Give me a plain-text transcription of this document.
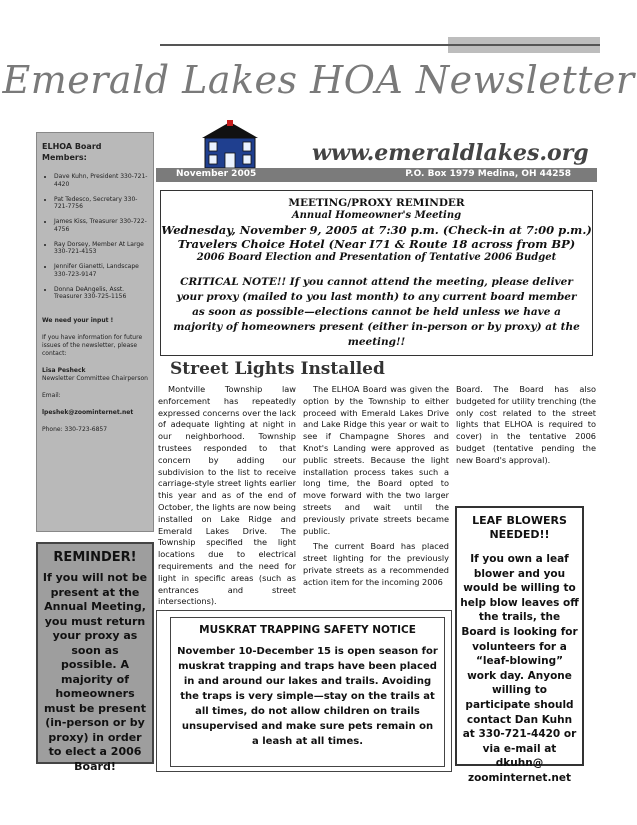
Emerald Lakes HOA Newsletter
www.emeraldlakes.org
ELHOA Board Members:
• Dave Kuhn, President 330-721-4420
• Pat Tedesco, Secretary 330-721-7756
• James Kiss, Treasurer 330-722-4756
• Ray Dorsey, Member At Large 330-721-4153
• Jennifer Gianetti, Landscape 330-723-9147
• Donna DeAngelis, Asst. Treasurer 330-725-1156
We need your input !
If you have information for future issues of the newsletter, please contact:
Lisa Pesheck
Newsletter Committee Chairperson
Email:
lpeshek@zoominternet.net
Phone: 330-723-6857
REMINDER!
If you will not be present at the Annual Meeting, you must return your proxy as soon as possible. A majority of homeowners must be present (in-person or by proxy) in order to elect a 2006 Board!
November 2005	P.O. Box 1979 Medina, OH 44258
MEETING/PROXY REMINDER
Annual Homeowner's Meeting
Wednesday, November 9, 2005 at 7:30 p.m. (Check-in at 7:00 p.m.)
Travelers Choice Hotel (Near I71 & Route 18 across from BP)
2006 Board Election and Presentation of Tentative 2006 Budget
CRITICAL NOTE!! If you cannot attend the meeting, please deliver your proxy (mailed to you last month) to any current board member as soon as possible—elections cannot be held unless we have a majority of homeowners present (either in-person or by proxy) at the meeting!!
Street Lights Installed

Montville Township law enforcement has repeatedly expressed concerns over the lack of adequate lighting at night in our neighborhood. Township trustees responded to that concern by adding our subdivision to the list to receive carriage-style street lights earlier this year and as of the end of October, the lights are now being installed on Lake Ridge and Emerald Lakes Drive. The Township specified the light locations due to electrical requirements and the need for light in specific areas (such as entrances and street intersections).

The ELHOA Board was given the option by the Township to either proceed with Emerald Lakes Drive and Lake Ridge this year or wait to see if Champagne Shores and Knot's Landing were approved as public streets. Because the light installation process takes such a long time, the Board opted to move forward with the two larger streets and wait until the previously private streets became public.

The current Board has placed street lighting for the previously private streets as a recommended action item for the incoming 2006

Board. The Board has also budgeted for utility trenching (the only cost related to the street lights that ELHOA is required to cover) in the tentative 2006 budget (tentative pending the new Board's approval).

LEAF BLOWERS NEEDED!!
If you own a leaf blower and you would be willing to help blow leaves off the trails, the Board is looking for volunteers for a “leaf-blowing” work day. Anyone willing to participate should contact Dan Kuhn at 330-721-4420 or via e-mail at dkuhn@ zoominternet.net
MUSKRAT TRAPPING SAFETY NOTICE
November 10-December 15 is open season for muskrat trapping and traps have been placed in and around our lakes and trails. Avoiding the traps is very simple—stay on the trails at all times, do not allow children on trails unsupervised and make sure pets remain on a leash at all times.
